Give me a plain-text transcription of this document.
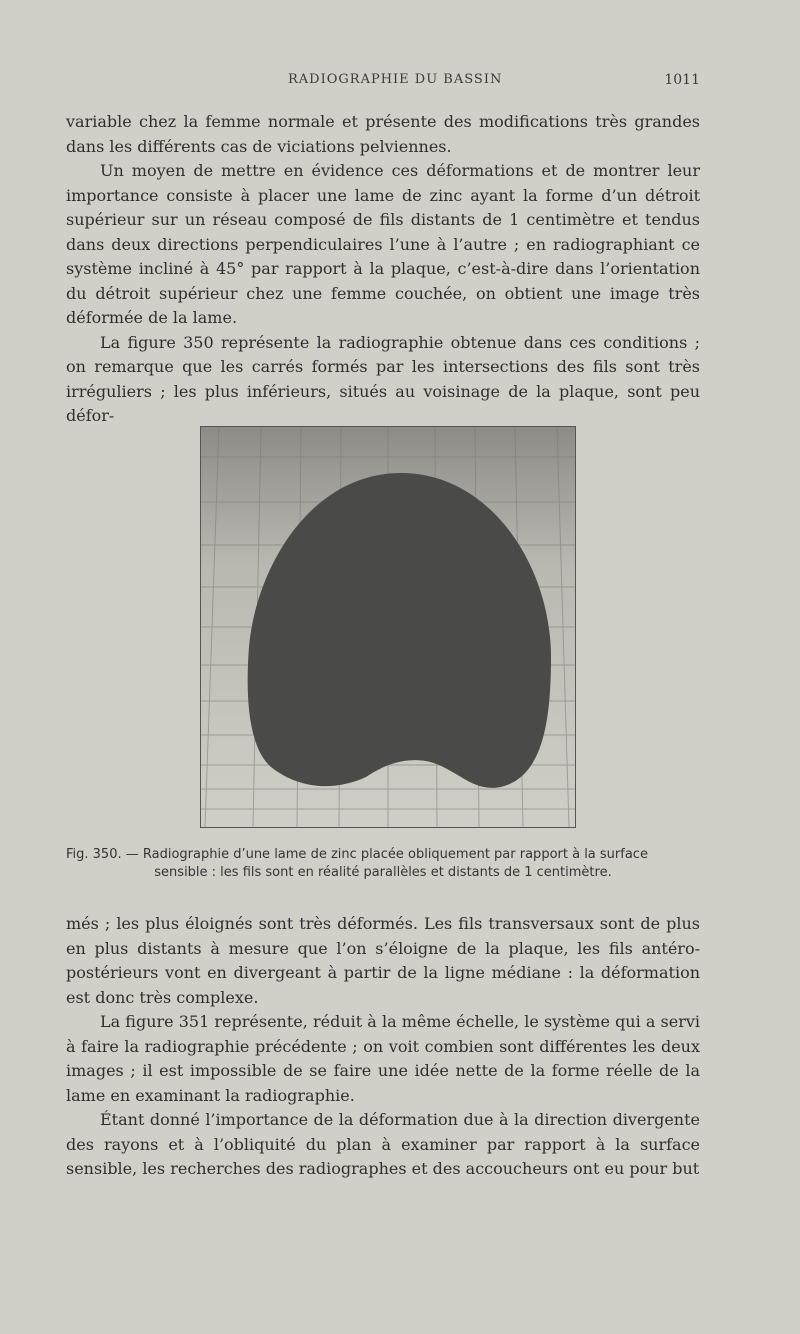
RADIOGRAPHIE DU BASSIN	1011

variable chez la femme normale et présente des modifications très grandes dans les différents cas de viciations pelviennes.

Un moyen de mettre en évidence ces déformations et de montrer leur importance consiste à placer une lame de zinc ayant la forme d’un détroit supérieur sur un réseau composé de fils distants de 1 centimètre et tendus dans deux directions perpendiculaires l’une à l’autre ; en radiographiant ce système incliné à 45° par rapport à la plaque, c’est-à-dire dans l’orientation du détroit supérieur chez une femme couchée, on obtient une image très déformée de la lame.

La figure 350 représente la radiographie obtenue dans ces conditions ; on remarque que les carrés formés par les intersections des fils sont très irréguliers ; les plus inférieurs, situés au voisinage de la plaque, sont peu défor-

Fig. 350. — Radiographie d’une lame de zinc placée obliquement par rapport à la surface
sensible : les fils sont en réalité parallèles et distants de 1 centimètre.

més ; les plus éloignés sont très déformés. Les fils transversaux sont de plus en plus distants à mesure que l’on s’éloigne de la plaque, les fils antéro-postérieurs vont en divergeant à partir de la ligne médiane : la déformation est donc très complexe.

La figure 351 représente, réduit à la même échelle, le système qui a servi à faire la radiographie précédente ; on voit combien sont différentes les deux images ; il est impossible de se faire une idée nette de la forme réelle de la lame en examinant la radiographie.

Étant donné l’importance de la déformation due à la direction divergente des rayons et à l’obliquité du plan à examiner par rapport à la surface sensible, les recherches des radiographes et des accoucheurs ont eu pour but
